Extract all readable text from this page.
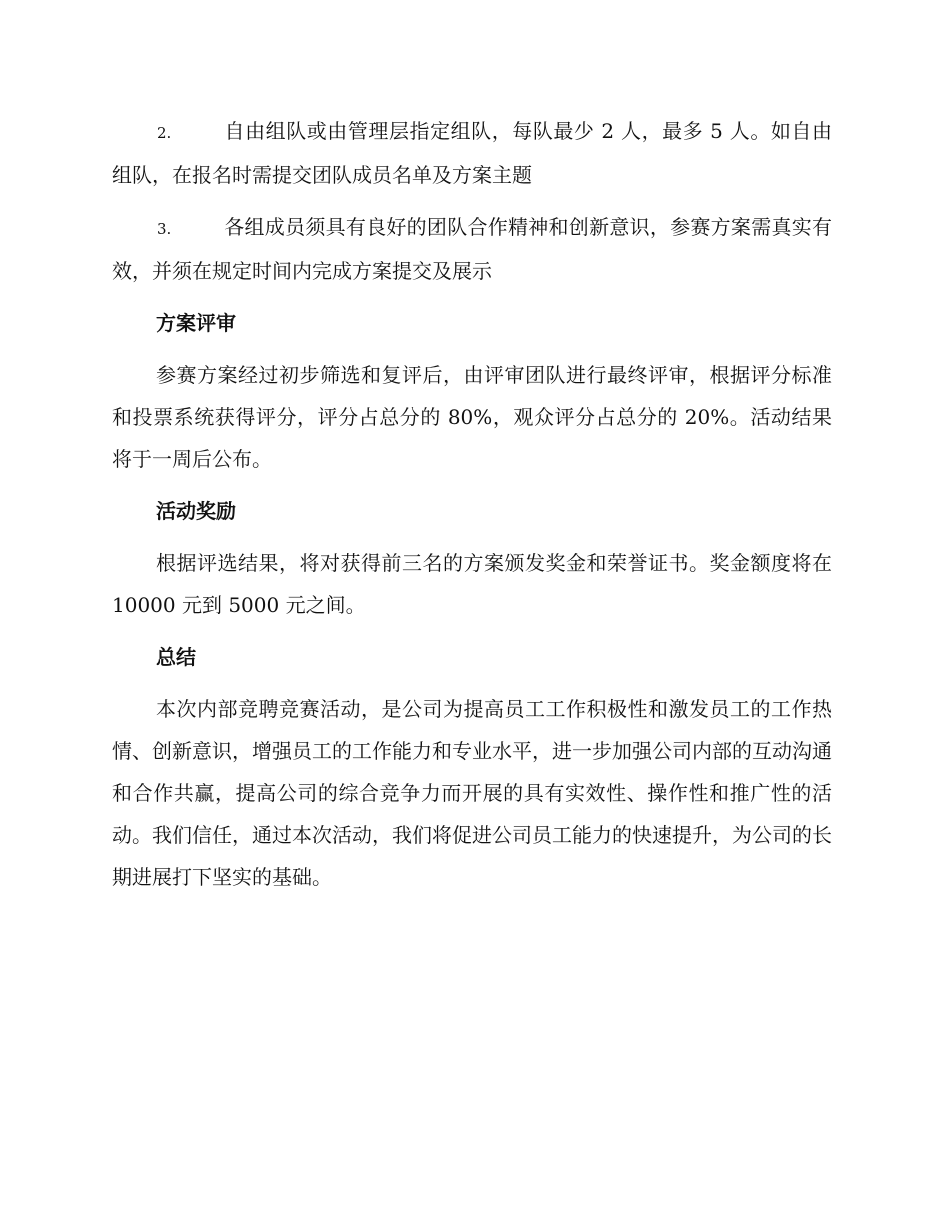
2.	自由组队或由管理层指定组队，每队最少 2 人，最多 5 人。如自由组队，在报名时需提交团队成员名单及方案主题

3.	各组成员须具有良好的团队合作精神和创新意识，参赛方案需真实有效，并须在规定时间内完成方案提交及展示

方案评审

参赛方案经过初步筛选和复评后，由评审团队进行最终评审，根据评分标准和投票系统获得评分，评分占总分的 80%，观众评分占总分的 20%。活动结果将于一周后公布。

活动奖励

根据评选结果，将对获得前三名的方案颁发奖金和荣誉证书。奖金额度将在 10000 元到 5000 元之间。

总结

本次内部竞聘竞赛活动，是公司为提高员工工作积极性和激发员工的工作热情、创新意识，增强员工的工作能力和专业水平，进一步加强公司内部的互动沟通和合作共赢，提高公司的综合竞争力而开展的具有实效性、操作性和推广性的活动。我们信任，通过本次活动，我们将促进公司员工能力的快速提升，为公司的长期进展打下坚实的基础。
